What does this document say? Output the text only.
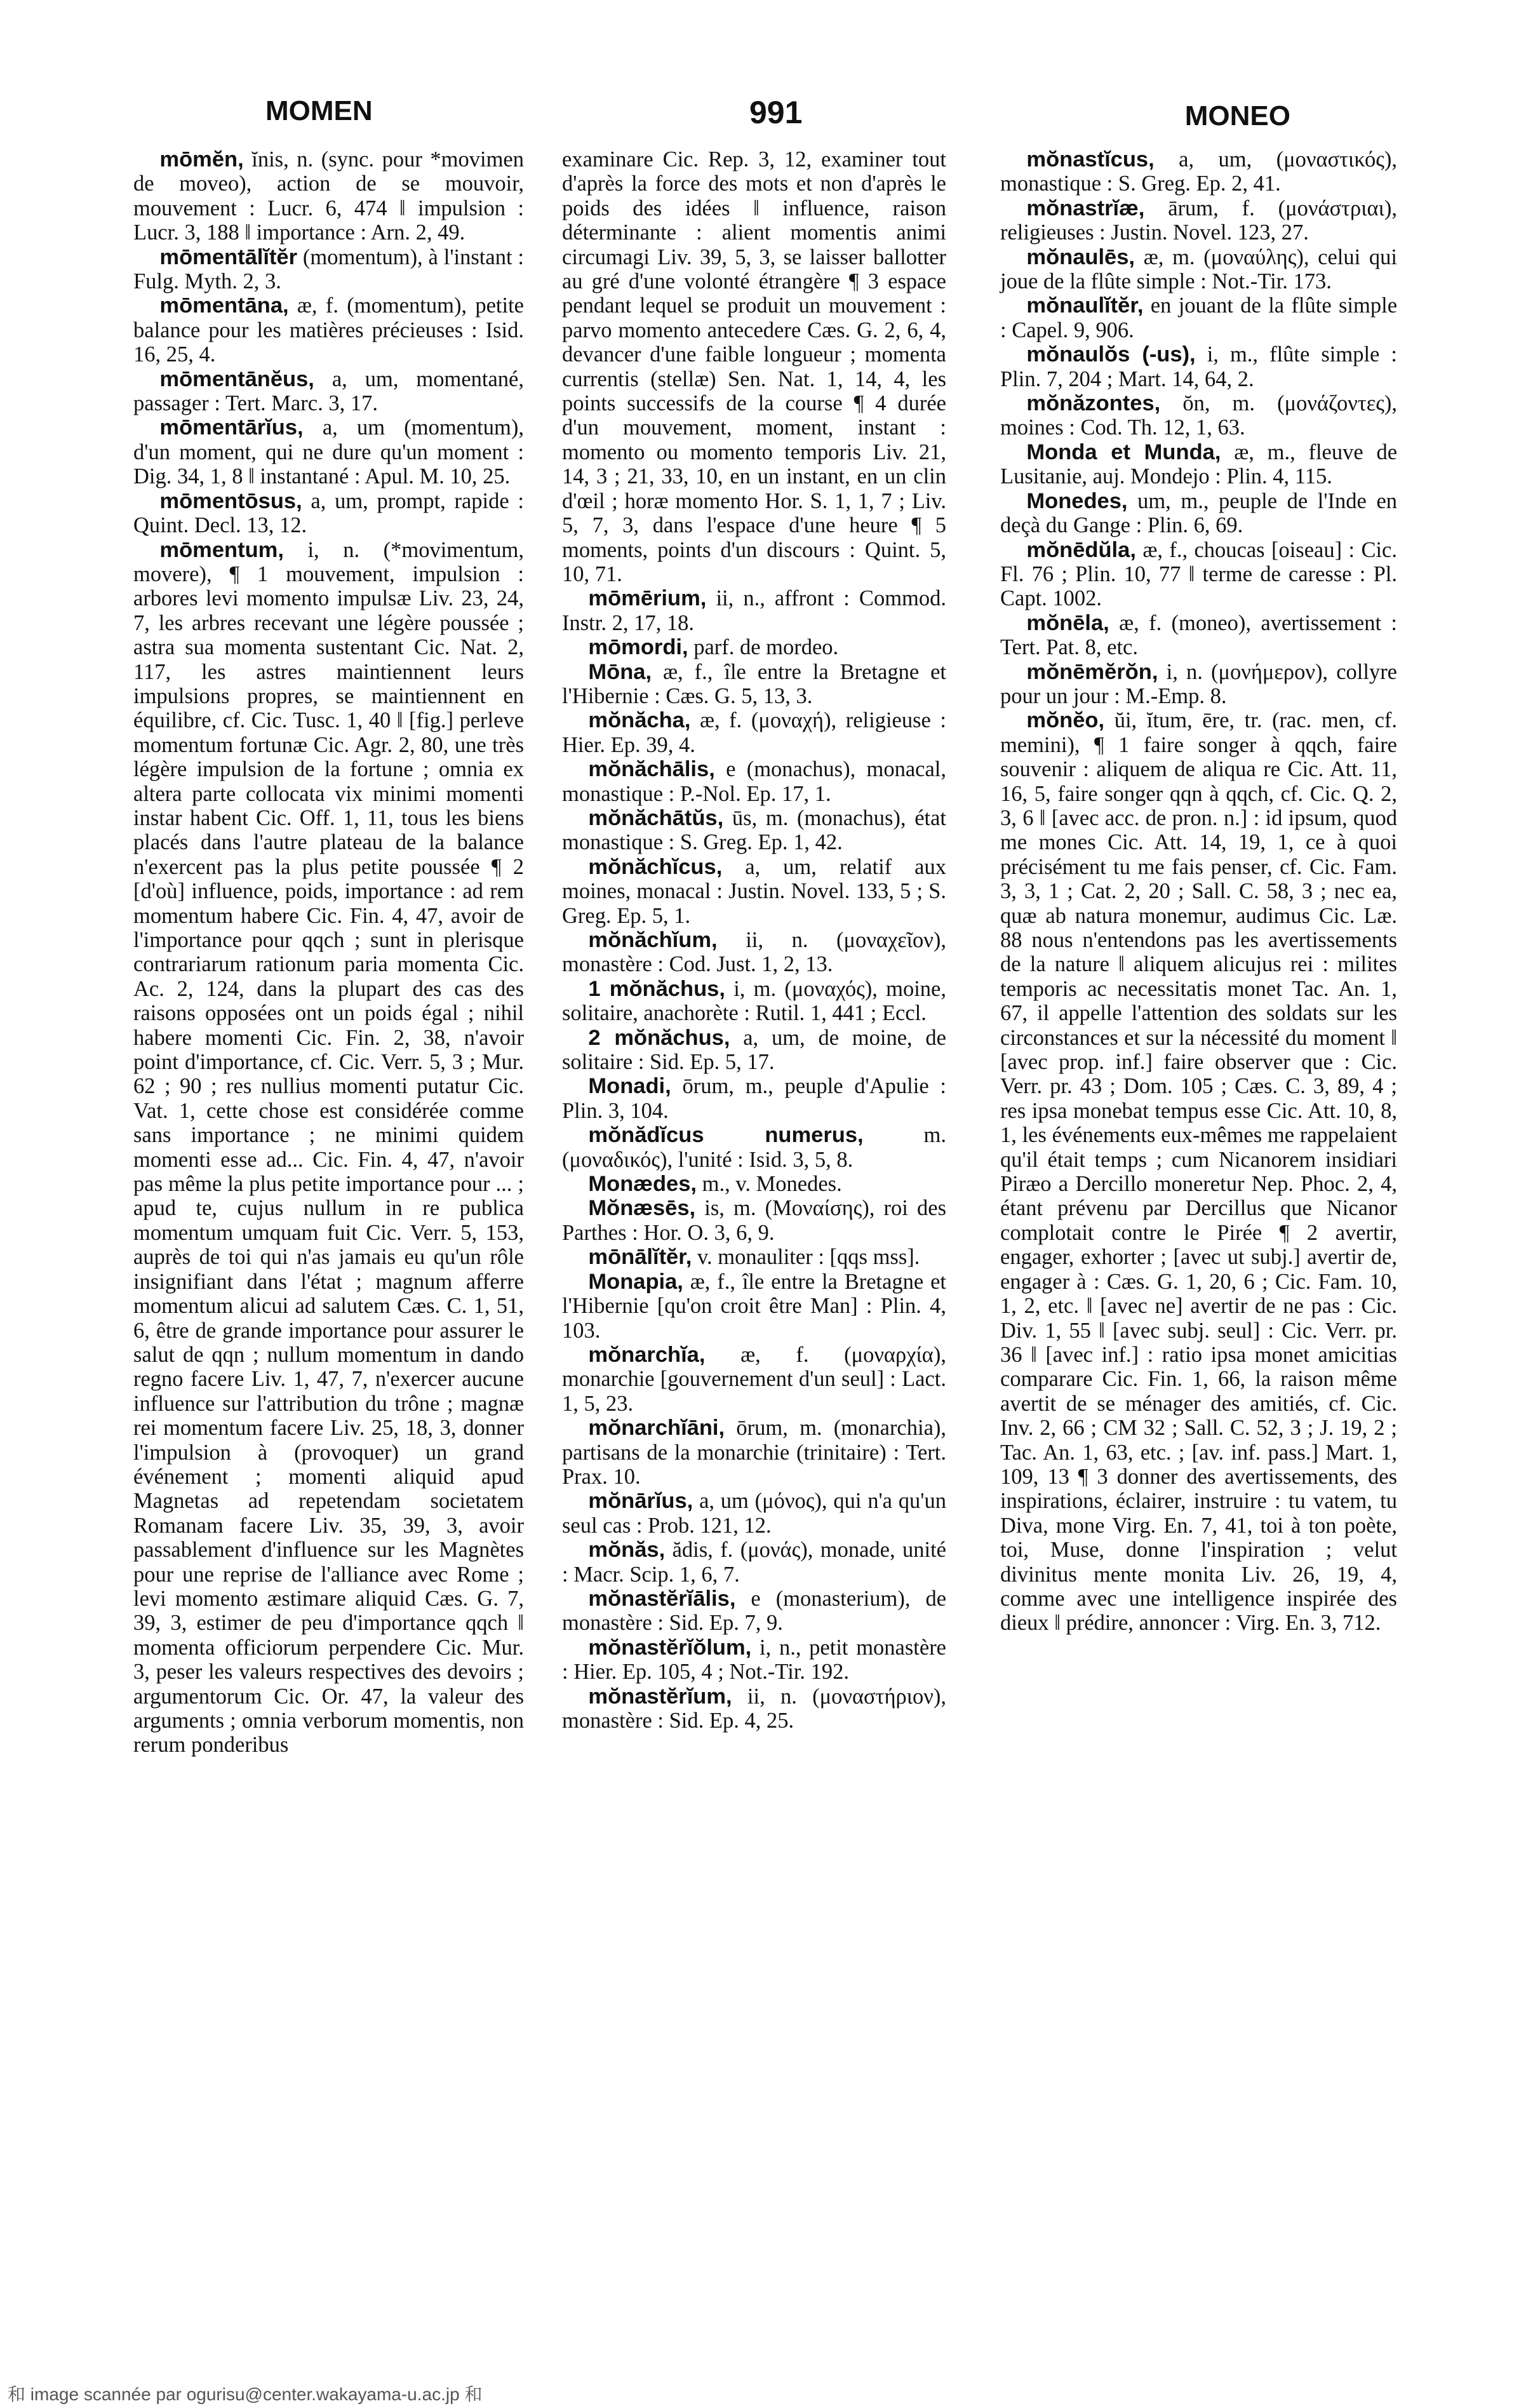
MOMEN	991	MONEO

mōmĕn, ĭnis, n. (sync. pour *movimen de moveo), action de se mouvoir, mouvement : Lucr. 6, 474 ‖ impulsion : Lucr. 3, 188 ‖ importance : Arn. 2, 49.

mōmentālĭtĕr (momentum), à l'instant : Fulg. Myth. 2, 3.

mōmentāna, æ, f. (momentum), petite balance pour les matières précieuses : Isid. 16, 25, 4.

mōmentānĕus, a, um, momentané, passager : Tert. Marc. 3, 17.

mōmentārĭus, a, um (momentum), d'un moment, qui ne dure qu'un moment : Dig. 34, 1, 8 ‖ instantané : Apul. M. 10, 25.

mōmentōsus, a, um, prompt, rapide : Quint. Decl. 13, 12.

mōmentum, i, n. (*movimentum, movere), ¶ 1 mouvement, impulsion : arbores levi momento impulsæ Liv. 23, 24, 7, les arbres recevant une légère poussée ; astra sua momenta sustentant Cic. Nat. 2, 117, les astres maintiennent leurs impulsions propres, se maintiennent en équilibre, cf. Cic. Tusc. 1, 40 ‖ [fig.] perleve momentum fortunæ Cic. Agr. 2, 80, une très légère impulsion de la fortune ; omnia ex altera parte collocata vix minimi momenti instar habent Cic. Off. 1, 11, tous les biens placés dans l'autre plateau de la balance n'exercent pas la plus petite poussée ¶ 2 [d'où] influence, poids, importance : ad rem momentum habere Cic. Fin. 4, 47, avoir de l'importance pour qqch ; sunt in plerisque contrariarum rationum paria momenta Cic. Ac. 2, 124, dans la plupart des cas des raisons opposées ont un poids égal ; nihil habere momenti Cic. Fin. 2, 38, n'avoir point d'importance, cf. Cic. Verr. 5, 3 ; Mur. 62 ; 90 ; res nullius momenti putatur Cic. Vat. 1, cette chose est considérée comme sans importance ; ne minimi quidem momenti esse ad... Cic. Fin. 4, 47, n'avoir pas même la plus petite importance pour ... ; apud te, cujus nullum in re publica momentum umquam fuit Cic. Verr. 5, 153, auprès de toi qui n'as jamais eu qu'un rôle insignifiant dans l'état ; magnum afferre momentum alicui ad salutem Cæs. C. 1, 51, 6, être de grande importance pour assurer le salut de qqn ; nullum momentum in dando regno facere Liv. 1, 47, 7, n'exercer aucune influence sur l'attribution du trône ; magnæ rei momentum facere Liv. 25, 18, 3, donner l'impulsion à (provoquer) un grand événement ; momenti aliquid apud Magnetas ad repetendam societatem Romanam facere Liv. 35, 39, 3, avoir passablement d'influence sur les Magnètes pour une reprise de l'alliance avec Rome ; levi momento æstimare aliquid Cæs. G. 7, 39, 3, estimer de peu d'importance qqch ‖ momenta officiorum perpendere Cic. Mur. 3, peser les valeurs respectives des devoirs ; argumentorum Cic. Or. 47, la valeur des arguments ; omnia verborum momentis, non rerum ponderibus

examinare Cic. Rep. 3, 12, examiner tout d'après la force des mots et non d'après le poids des idées ‖ influence, raison déterminante : alient momentis animi circumagi Liv. 39, 5, 3, se laisser ballotter au gré d'une volonté étrangère ¶ 3 espace pendant lequel se produit un mouvement : parvo momento antecedere Cæs. G. 2, 6, 4, devancer d'une faible longueur ; momenta currentis (stellæ) Sen. Nat. 1, 14, 4, les points successifs de la course ¶ 4 durée d'un mouvement, moment, instant : momento ou momento temporis Liv. 21, 14, 3 ; 21, 33, 10, en un instant, en un clin d'œil ; horæ momento Hor. S. 1, 1, 7 ; Liv. 5, 7, 3, dans l'espace d'une heure ¶ 5 moments, points d'un discours : Quint. 5, 10, 71.

mōmērium, ii, n., affront : Commod. Instr. 2, 17, 18.

mōmordi, parf. de mordeo.

Mōna, æ, f., île entre la Bretagne et l'Hibernie : Cæs. G. 5, 13, 3.

mŏnăcha, æ, f. (μοναχή), religieuse : Hier. Ep. 39, 4.

mŏnăchālis, e (monachus), monacal, monastique : P.-Nol. Ep. 17, 1.

mŏnăchātŭs, ūs, m. (monachus), état monastique : S. Greg. Ep. 1, 42.

mŏnăchĭcus, a, um, relatif aux moines, monacal : Justin. Novel. 133, 5 ; S. Greg. Ep. 5, 1.

mŏnăchĭum, ii, n. (μοναχεῖον), monastère : Cod. Just. 1, 2, 13.

1 mŏnăchus, i, m. (μοναχός), moine, solitaire, anachorète : Rutil. 1, 441 ; Eccl.

2 mŏnăchus, a, um, de moine, de solitaire : Sid. Ep. 5, 17.

Monadi, ōrum, m., peuple d'Apulie : Plin. 3, 104.

mŏnădĭcus numerus,	m. (μοναδικός), l'unité : Isid. 3, 5, 8.

Monædes, m., v. Monedes.

Mŏnæsēs, is, m. (Μοναίσης), roi des Parthes : Hor. O. 3, 6, 9.

mōnālĭtĕr, v. monauliter : [qqs mss].

Monapia, æ, f., île entre la Bretagne et l'Hibernie [qu'on croit être Man] : Plin. 4, 103.

mŏnarchĭa, æ, f. (μοναρχία), monarchie [gouvernement d'un seul] : Lact. 1, 5, 23.

mŏnarchĭāni, ōrum, m. (monarchia), partisans de la monarchie (trinitaire) : Tert. Prax. 10.

mŏnārĭus, a, um (μόνος), qui n'a qu'un seul cas : Prob. 121, 12.

mŏnăs, ădis, f. (μονάς), monade, unité : Macr. Scip. 1, 6, 7.

mŏnastĕrĭālis, e (monasterium), de monastère : Sid. Ep. 7, 9.

mŏnastĕrĭŏlum, i, n., petit monastère : Hier. Ep. 105, 4 ; Not.-Tir. 192.

mŏnastĕrĭum, ii, n. (μοναστήριον), monastère : Sid. Ep. 4, 25.

mŏnastĭcus, a, um, (μοναστικός), monastique : S. Greg. Ep. 2, 41.

mŏnastrĭæ, ārum, f. (μονάστριαι), religieuses : Justin. Novel. 123, 27.

mŏnaulēs, æ, m. (μοναύλης), celui qui joue de la flûte simple : Not.-Tir. 173.

mŏnaulĭtĕr, en jouant de la flûte simple : Capel. 9, 906.

mŏnaulŏs (-us), i, m., flûte simple : Plin. 7, 204 ; Mart. 14, 64, 2.

mŏnăzontes, ŏn, m. (μονάζοντες), moines : Cod. Th. 12, 1, 63.

Monda et Munda, æ, m., fleuve de Lusitanie, auj. Mondejo : Plin. 4, 115.

Monedes, um, m., peuple de l'Inde en deçà du Gange : Plin. 6, 69.

mŏnēdŭla, æ, f., choucas [oiseau] : Cic. Fl. 76 ; Plin. 10, 77 ‖ terme de caresse : Pl. Capt. 1002.

mŏnēla, æ, f. (moneo), avertissement : Tert. Pat. 8, etc.

mŏnēmĕrŏn, i, n. (μονήμερον), collyre pour un jour : M.-Emp. 8.

mŏnĕo, ŭi, ĭtum, ēre, tr. (rac. men, cf. memini), ¶ 1 faire songer à qqch, faire souvenir : aliquem de aliqua re Cic. Att. 11, 16, 5, faire songer qqn à qqch, cf. Cic. Q. 2, 3, 6 ‖ [avec acc. de pron. n.] : id ipsum, quod me mones Cic. Att. 14, 19, 1, ce à quoi précisément tu me fais penser, cf. Cic. Fam. 3, 3, 1 ; Cat. 2, 20 ; Sall. C. 58, 3 ; nec ea, quæ ab natura monemur, audimus Cic. Læ. 88 nous n'entendons pas les avertissements de la nature ‖ aliquem alicujus rei : milites temporis ac necessitatis monet Tac. An. 1, 67, il appelle l'attention des soldats sur les circonstances et sur la nécessité du moment ‖ [avec prop. inf.] faire observer que : Cic. Verr. pr. 43 ; Dom. 105 ; Cæs. C. 3, 89, 4 ; res ipsa monebat tempus esse Cic. Att. 10, 8, 1, les événements eux-mêmes me rappelaient qu'il était temps ; cum Nicanorem insidiari Piræo a Dercillo moneretur Nep. Phoc. 2, 4, étant prévenu par Dercillus que Nicanor complotait contre le Pirée ¶ 2 avertir, engager, exhorter ; [avec ut subj.] avertir de, engager à : Cæs. G. 1, 20, 6 ; Cic. Fam. 10, 1, 2, etc. ‖ [avec ne] avertir de ne pas : Cic. Div. 1, 55 ‖ [avec subj. seul] : Cic. Verr. pr. 36 ‖ [avec inf.] : ratio ipsa monet amicitias comparare Cic. Fin. 1, 66, la raison même avertit de se ménager des amitiés, cf. Cic. Inv. 2, 66 ; CM 32 ; Sall. C. 52, 3 ; J. 19, 2 ; Tac. An. 1, 63, etc. ; [av. inf. pass.] Mart. 1, 109, 13 ¶ 3 donner des avertissements, des inspirations, éclairer, instruire : tu vatem, tu Diva, mone Virg. En. 7, 41, toi à ton poète, toi, Muse, donne l'inspiration ; velut divinitus mente monita Liv. 26, 19, 4, comme avec une intelligence inspirée des dieux ‖ prédire, annoncer : Virg. En. 3, 712.

和 image scannée par ogurisu@center.wakayama-u.ac.jp 和
